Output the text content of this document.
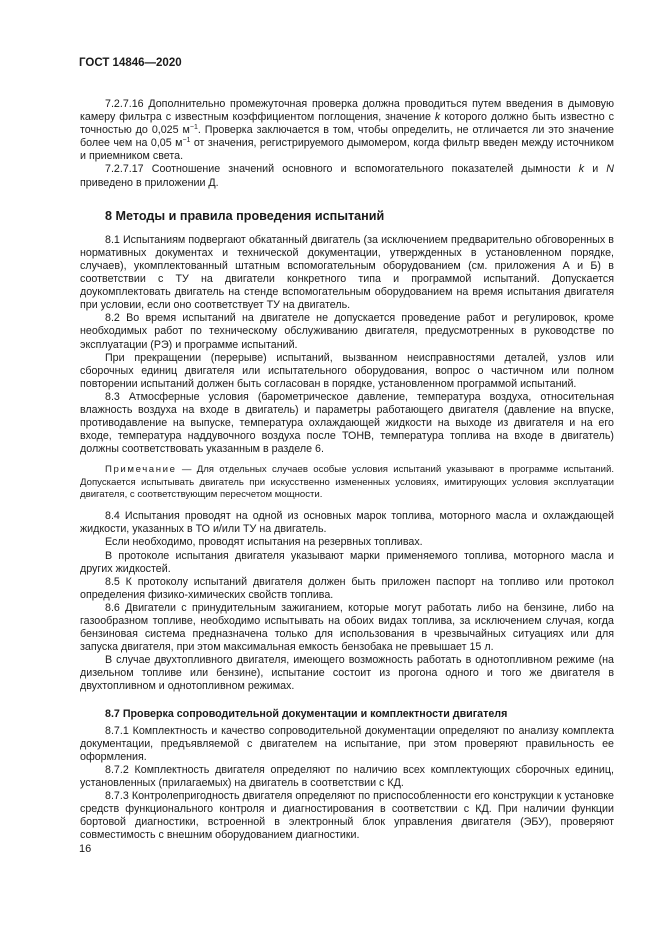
ГОСТ 14846—2020

7.2.7.16 Дополнительно промежуточная проверка должна проводиться путем введения в дымовую камеру фильтра с известным коэффициентом поглощения, значение k которого должно быть известно с точностью до 0,025 $м^{-1}$. Проверка заключается в том, чтобы определить, не отличается ли это значение более чем на 0,05 $м^{-1}$ от значения, регистрируемого дымомером, когда фильтр введен между источником и приемником света.

7.2.7.17 Соотношение значений основного и вспомогательного показателей дымности k и N приведено в приложении Д.

8 Методы и правила проведения испытаний

8.1 Испытаниям подвергают обкатанный двигатель (за исключением предварительно обговоренных в нормативных документах и технической документации, утвержденных в установленном порядке, случаев), укомплектованный штатным вспомогательным оборудованием (см. приложения А и Б) в соответствии с ТУ на двигатели конкретного типа и программой испытаний. Допускается доукомплектовать двигатель на стенде вспомогательным оборудованием на время испытания двигателя при условии, если оно соответствует ТУ на двигатель.

8.2 Во время испытаний на двигателе не допускается проведение работ и регулировок, кроме необходимых работ по техническому обслуживанию двигателя, предусмотренных в руководстве по эксплуатации (РЭ) и программе испытаний.

При прекращении (перерыве) испытаний, вызванном неисправностями деталей, узлов или сборочных единиц двигателя или испытательного оборудования, вопрос о частичном или полном повторении испытаний должен быть согласован в порядке, установленном программой испытаний.

8.3 Атмосферные условия (барометрическое давление, температура воздуха, относительная влажность воздуха на входе в двигатель) и параметры работающего двигателя (давление на впуске, противодавление на выпуске, температура охлаждающей жидкости на выходе из двигателя и на его входе, температура наддувочного воздуха после ТОНВ, температура топлива на входе в двигатель) должны соответствовать указанным в разделе 6.

Примечание — Для отдельных случаев особые условия испытаний указывают в программе испытаний. Допускается испытывать двигатель при искусственно измененных условиях, имитирующих условия эксплуатации двигателя, с соответствующим пересчетом мощности.

8.4 Испытания проводят на одной из основных марок топлива, моторного масла и охлаждающей жидкости, указанных в ТО и/или ТУ на двигатель.

Если необходимо, проводят испытания на резервных топливах.

В протоколе испытания двигателя указывают марки применяемого топлива, моторного масла и других жидкостей.

8.5 К протоколу испытаний двигателя должен быть приложен паспорт на топливо или протокол определения физико-химических свойств топлива.

8.6 Двигатели с принудительным зажиганием, которые могут работать либо на бензине, либо на газообразном топливе, необходимо испытывать на обоих видах топлива, за исключением случая, когда бензиновая система предназначена только для использования в чрезвычайных ситуациях или для запуска двигателя, при этом максимальная емкость бензобака не превышает 15 л.

В случае двухтопливного двигателя, имеющего возможность работать в однотопливном режиме (на дизельном топливе или бензине), испытание состоит из прогона одного и того же двигателя в двухтопливном и однотопливном режимах.

8.7 Проверка сопроводительной документации и комплектности двигателя

8.7.1 Комплектность и качество сопроводительной документации определяют по анализу комплекта документации, предъявляемой с двигателем на испытание, при этом проверяют правильность ее оформления.

8.7.2 Комплектность двигателя определяют по наличию всех комплектующих сборочных единиц, установленных (прилагаемых) на двигатель в соответствии с КД.

8.7.3 Контролепригодность двигателя определяют по приспособленности его конструкции к установке средств функционального контроля и диагностирования в соответствии с КД. При наличии функции бортовой диагностики, встроенной в электронный блок управления двигателя (ЭБУ), проверяют совместимость с внешним оборудованием диагностики.

16
